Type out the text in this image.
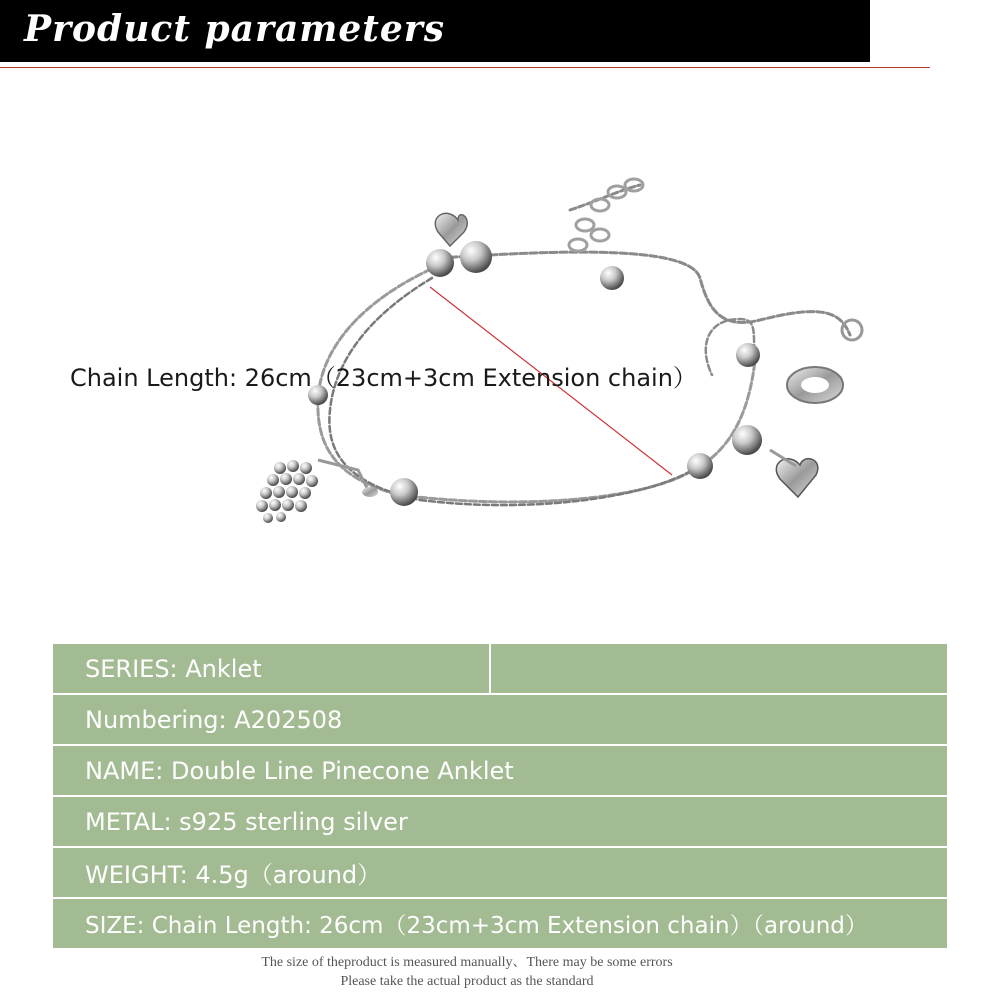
Product parameters
Chain Length: 26cm（23cm+3cm Extension chain）
SERIES: Anklet
Numbering: A202508
NAME: Double Line Pinecone Anklet
METAL: s925 sterling silver
WEIGHT: 4.5g（around）
SIZE: Chain Length: 26cm（23cm+3cm Extension chain）（around）
The size of theproduct is measured manually、There may be some errors
Please take the actual product as the standard
